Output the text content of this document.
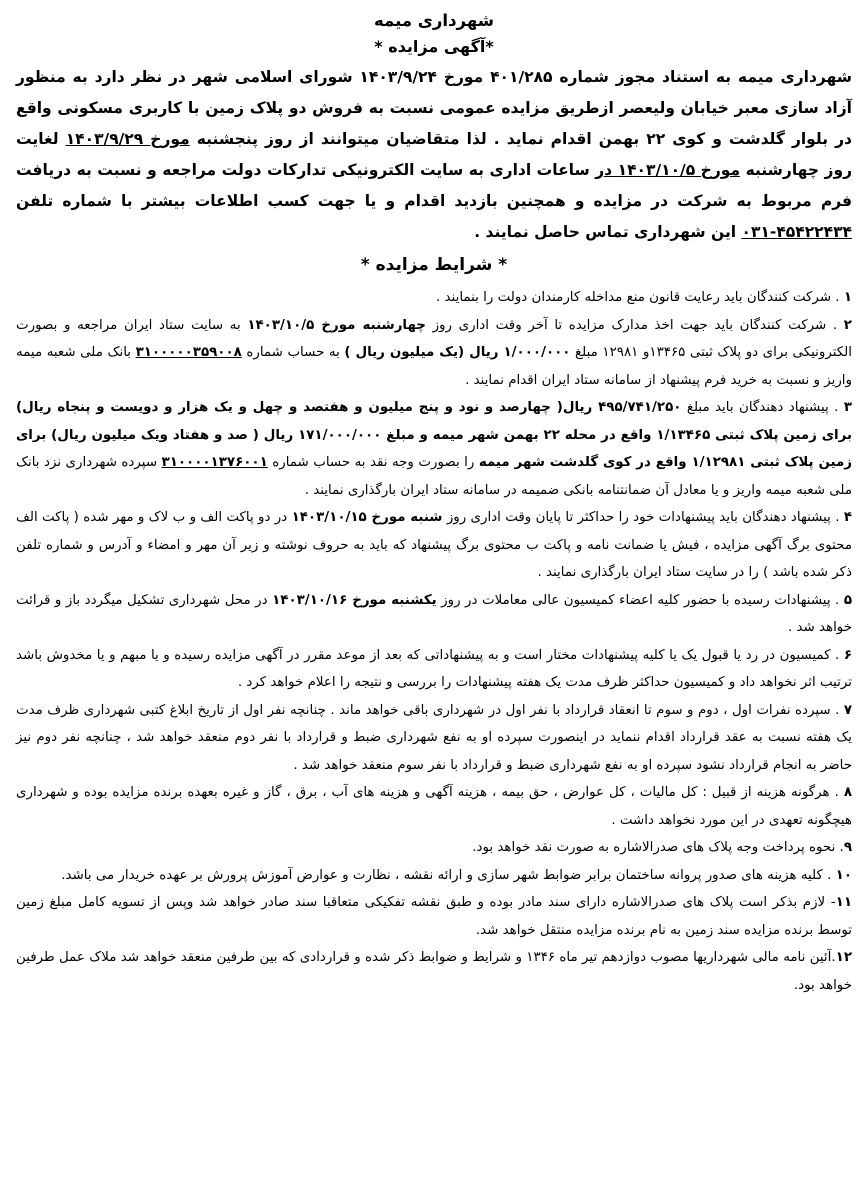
شهرداری میمه
*آگهی مزایده *

شهرداری میمه به استناد مجوز شماره ۴۰۱/۲۸۵ مورخ ۱۴۰۳/۹/۲۴ شورای اسلامی شهر در نظر دارد به منظور آزاد سازی معبر خیابان ولیعصر ازطریق مزایده عمومی نسبت به فروش دو پلاک زمین با کاربری مسکونی واقع در بلوار گلدشت و کوی ۲۲ بهمن اقدام نماید . لذا متقاضیان میتوانند از روز پنجشنبه مورخ ۱۴۰۳/۹/۲۹ لغایت روز چهارشنبه مورخ ۱۴۰۳/۱۰/۵ در ساعات اداری به سایت الکترونیکی تدارکات دولت مراجعه و نسبت به دریافت فرم مربوط به شرکت در مزایده و همچنین بازدید اقدام و یا جهت کسب اطلاعات بیشتر با شماره تلفن ۴۵۴۲۲۴۳۴-۰۳۱ این شهرداری تماس حاصل نمایند .

* شرایط مزایده *

۱ . شرکت کنندگان باید رعایت قانون منع مداخله کارمندان دولت را بنمایند .

۲ . شرکت کنندگان باید جهت اخذ مدارک مزایده تا آخر وقت اداری روز چهارشنبه مورخ ۱۴۰۳/۱۰/۵ به سایت ستاد ایران مراجعه و بصورت الکترونیکی برای دو پلاک ثبتی ۱۳۴۶۵و ۱۲۹۸۱ مبلغ ۱/۰۰۰/۰۰۰ ریال (یک میلیون ریال ) به حساب شماره ۳۱۰۰۰۰۰۳۵۹۰۰۸ بانک ملی شعبه میمه واریز و نسبت به خرید فرم پیشنهاد از سامانه ستاد ایران اقدام نمایند .

۳ . پیشنهاد دهندگان باید مبلغ ۴۹۵/۷۴۱/۲۵۰ ریال( چهارصد و نود و پنج میلیون و هفتصد و چهل و یک هزار و دویست و پنجاه ریال) برای زمین پلاک ثبتی ۱/۱۳۴۶۵ واقع در محله ۲۲ بهمن شهر میمه و مبلغ ۱۷۱/۰۰۰/۰۰۰ ریال ( صد و هفتاد ویک میلیون ریال) برای زمین پلاک ثبتی ۱/۱۲۹۸۱ واقع در کوی گلدشت شهر میمه را بصورت وجه نقد به حساب شماره ۳۱۰۰۰۰۱۳۷۶۰۰۱ سپرده شهرداری نزد بانک ملی شعبه میمه واریز و یا معادل آن ضمانتنامه بانکی ضمیمه در سامانه ستاد ایران بارگذاری نمایند .

۴ . پیشنهاد دهندگان باید پیشنهادات خود را حداکثر تا پایان وقت اداری روز شنبه مورخ ۱۴۰۳/۱۰/۱۵ در دو پاکت الف و ب لاک و مهر شده ( پاکت الف محتوی برگ آگهی مزایده ، فیش یا ضمانت نامه و پاکت ب محتوی برگ پیشنهاد که باید به حروف نوشته و زیر آن مهر و امضاء و آدرس و شماره تلفن ذکر شده باشد ) را در سایت ستاد ایران بارگذاری نمایند .

۵ . پیشنهادات رسیده با حضور کلیه اعضاء کمیسیون عالی معاملات در روز یکشنبه مورخ ۱۴۰۳/۱۰/۱۶ در محل شهرداری تشکیل میگردد باز و قرائت خواهد شد .

۶ . کمیسیون در رد یا قبول یک یا کلیه پیشنهادات مختار است و به پیشنهاداتی که بعد از موعد مقرر در آگهی مزایده رسیده و یا مبهم و یا مخدوش باشد ترتیب اثر نخواهد داد و کمیسیون حداکثر ظرف مدت یک هفته پیشنهادات را بررسی و نتیجه را اعلام خواهد کرد .

۷ . سپرده نفرات اول ، دوم و سوم تا انعقاد قرارداد با نفر اول در شهرداری باقی خواهد ماند . چنانچه نفر اول از تاریخ ابلاغ کتبی شهرداری ظرف مدت یک هفته نسبت به عقد قرارداد اقدام ننماید در اینصورت سپرده او به نفع شهرداری ضبط و قرارداد با نفر دوم منعقد خواهد شد ، چنانچه نفر دوم نیز حاضر به انجام قرارداد نشود سپرده او به نفع شهرداری ضبط و قرارداد با نفر سوم منعقد خواهد شد .

۸ . هرگونه هزینه از قبیل : کل مالیات ، کل عوارض ، حق بیمه ، هزینه آگهی و هزینه های آب ، برق ، گاز و غیره بعهده برنده مزایده بوده و شهرداری هیچگونه تعهدی در این مورد نخواهد داشت .

۹. نحوه پرداخت وجه پلاک های صدرالاشاره به صورت نقد خواهد بود.

۱۰ . کلیه هزینه های صدور پروانه ساختمان برابر ضوابط شهر سازی و ارائه نقشه ، نظارت و عوارض آموزش پرورش بر عهده خریدار می باشد.

۱۱- لازم بذکر است پلاک های صدرالاشاره دارای سند مادر بوده و طبق نقشه تفکیکی متعاقبا سند صادر خواهد شد وپس از تسویه کامل مبلغ زمین توسط برنده مزایده سند زمین به نام برنده مزایده منتقل خواهد شد.

۱۲.آئین نامه مالی شهرداریها مصوب دوازدهم تیر ماه ۱۳۴۶ و شرایط و ضوابط ذکر شده و قراردادی که بین طرفین منعقد خواهد شد ملاک عمل طرفین خواهد بود.
